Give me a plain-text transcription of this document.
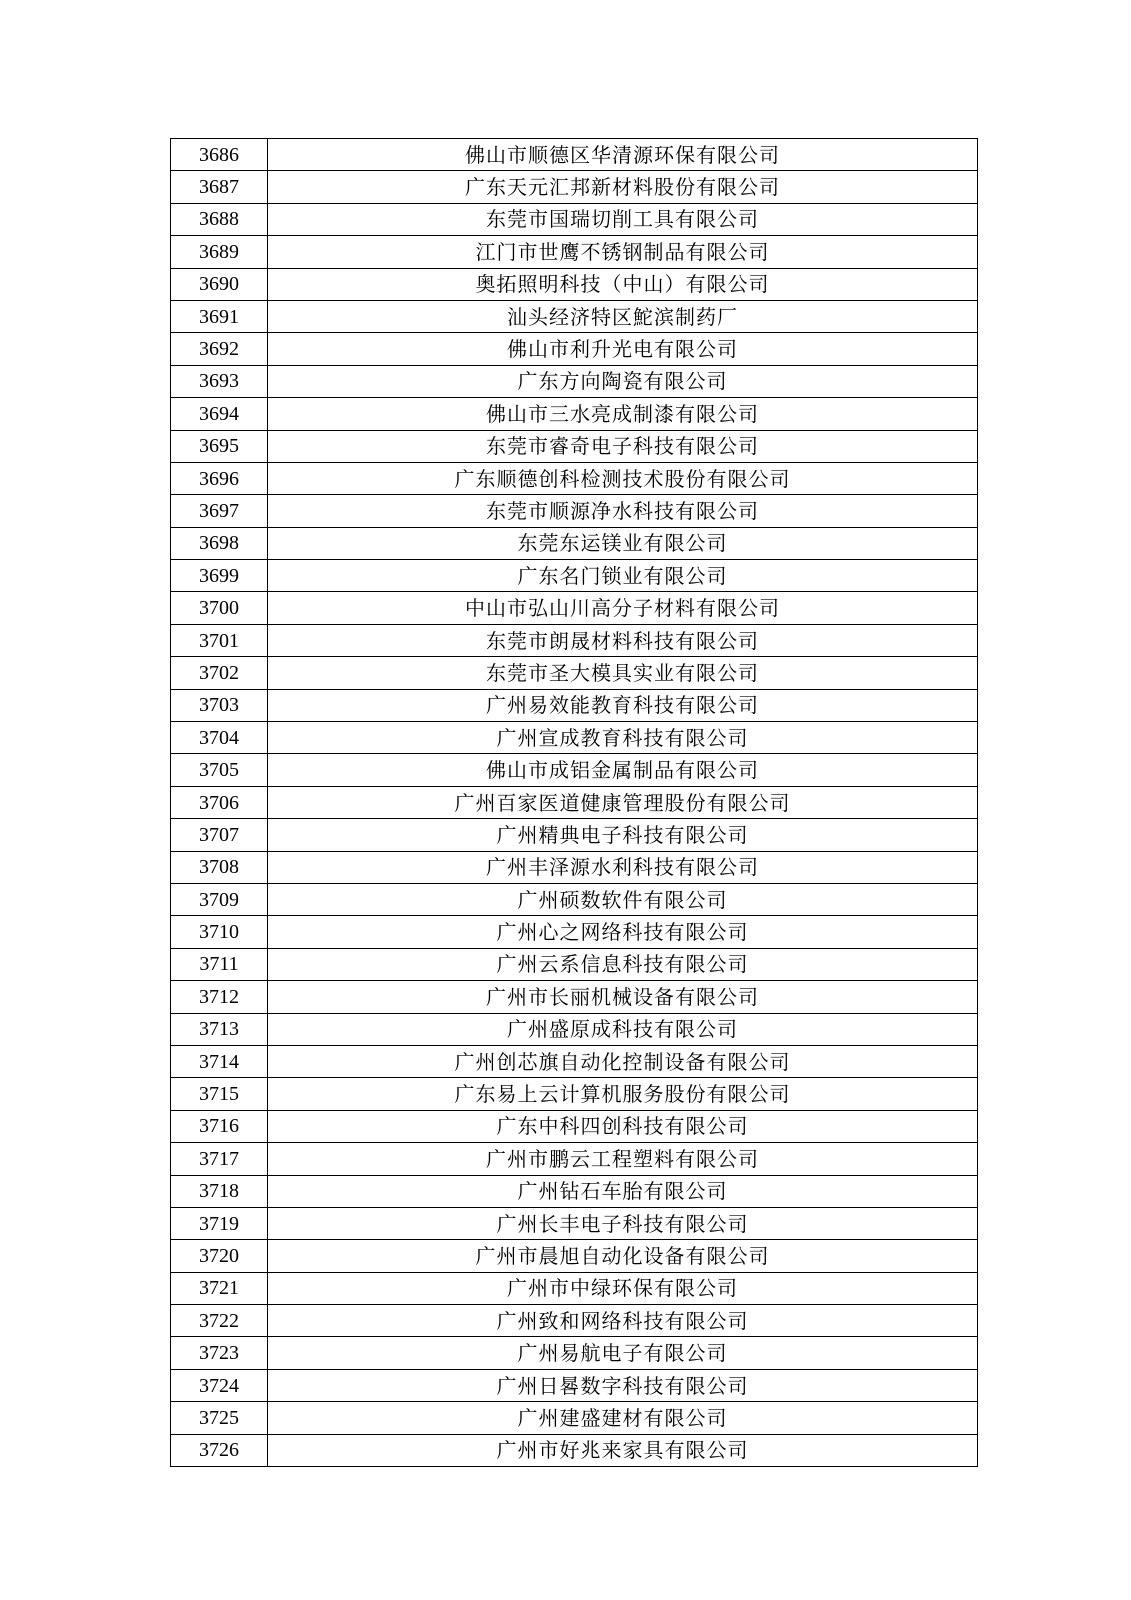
3686	佛山市顺德区华清源环保有限公司
3687	广东天元汇邦新材料股份有限公司
3688	东莞市国瑞切削工具有限公司
3689	江门市世鹰不锈钢制品有限公司
3690	奥拓照明科技（中山）有限公司
3691	汕头经济特区鮀滨制药厂
3692	佛山市利升光电有限公司
3693	广东方向陶瓷有限公司
3694	佛山市三水亮成制漆有限公司
3695	东莞市睿奇电子科技有限公司
3696	广东顺德创科检测技术股份有限公司
3697	东莞市顺源净水科技有限公司
3698	东莞东运镁业有限公司
3699	广东名门锁业有限公司
3700	中山市弘山川高分子材料有限公司
3701	东莞市朗晟材料科技有限公司
3702	东莞市圣大模具实业有限公司
3703	广州易效能教育科技有限公司
3704	广州宣成教育科技有限公司
3705	佛山市成铝金属制品有限公司
3706	广州百家医道健康管理股份有限公司
3707	广州精典电子科技有限公司
3708	广州丰泽源水利科技有限公司
3709	广州硕数软件有限公司
3710	广州心之网络科技有限公司
3711	广州云系信息科技有限公司
3712	广州市长丽机械设备有限公司
3713	广州盛原成科技有限公司
3714	广州创芯旗自动化控制设备有限公司
3715	广东易上云计算机服务股份有限公司
3716	广东中科四创科技有限公司
3717	广州市鹏云工程塑料有限公司
3718	广州钻石车胎有限公司
3719	广州长丰电子科技有限公司
3720	广州市晨旭自动化设备有限公司
3721	广州市中绿环保有限公司
3722	广州致和网络科技有限公司
3723	广州易航电子有限公司
3724	广州日晷数字科技有限公司
3725	广州建盛建材有限公司
3726	广州市好兆来家具有限公司
